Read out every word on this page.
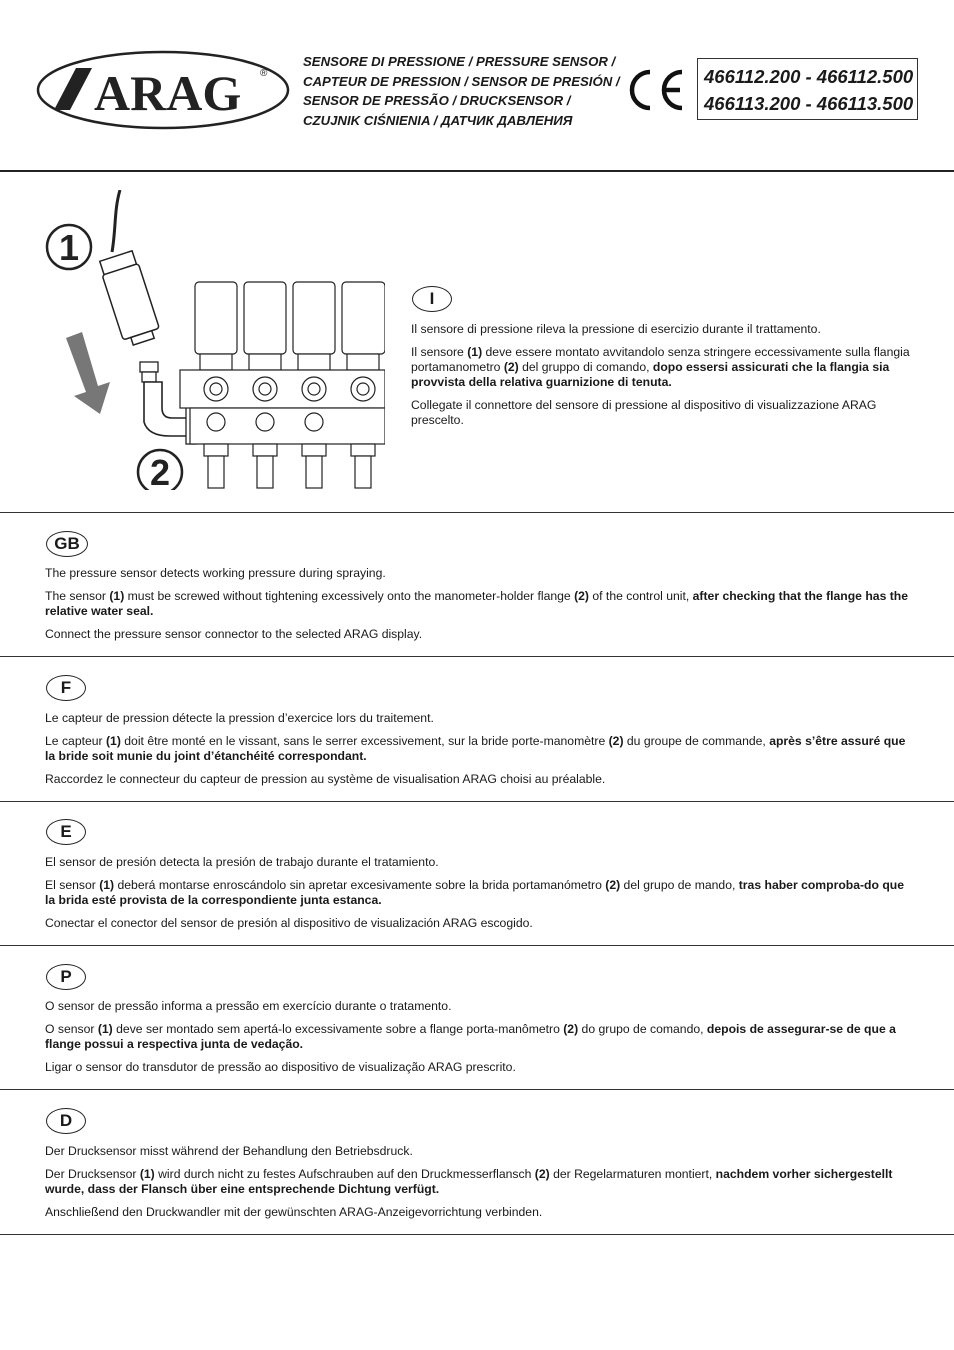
ARAG ®
SENSORE DI PRESSIONE / PRESSURE SENSOR /
CAPTEUR DE PRESSION / SENSOR DE PRESIÓN /
SENSOR DE PRESSÃO / DRUCKSENSOR /
CZUJNIK CIŚNIENIA / ДАТЧИК ДАВЛЕНИЯ
466112.200 - 466112.500
466113.200 - 466113.500
1
2
I

Il sensore di pressione rileva la pressione di esercizio durante il trattamento.

Il sensore (1) deve essere montato avvitandolo senza stringere eccessivamente sulla flangia portamanometro (2) del gruppo di comando, dopo essersi assicurati che la flangia sia provvista della relativa guarnizione di tenuta.

Collegate il connettore del sensore di pressione al dispositivo di visualizzazione ARAG prescelto.

GB

The pressure sensor detects working pressure during spraying.

The sensor (1) must be screwed without tightening excessively onto the manometer-holder flange (2) of the control unit, after checking that the flange has the relative water seal.

Connect the pressure sensor connector to the selected ARAG display.

F

Le capteur de pression détecte la pression d’exercice lors du traitement.

Le capteur (1) doit être monté en le vissant, sans le serrer excessivement, sur la bride porte-manomètre (2) du groupe de commande, après s’être assuré que la bride soit munie du joint d’étanchéité correspondant.

Raccordez le connecteur du capteur de pression au système de visualisation ARAG choisi au préalable.

E

El sensor de presión detecta la presión de trabajo durante el tratamiento.

El sensor (1) deberá montarse enroscándolo sin apretar excesivamente sobre la brida portamanómetro (2) del grupo de mando, tras haber comproba-do que la brida esté provista de la correspondiente junta estanca.

Conectar el conector del sensor de presión al dispositivo de visualización ARAG escogido.

P

O sensor de pressão informa a pressão em exercício durante o tratamento.

O sensor (1) deve ser montado sem apertá-lo excessivamente sobre a flange porta-manômetro (2) do grupo de comando, depois de assegurar-se de que a flange possui a respectiva junta de vedação.

Ligar o sensor do transdutor de pressão ao dispositivo de visualização ARAG prescrito.

D

Der Drucksensor misst während der Behandlung den Betriebsdruck.

Der Drucksensor (1) wird durch nicht zu festes Aufschrauben auf den Druckmesserflansch (2) der Regelarmaturen montiert, nachdem vorher sichergestellt wurde, dass der Flansch über eine entsprechende Dichtung verfügt.

Anschließend den Druckwandler mit der gewünschten ARAG-Anzeigevorrichtung verbinden.
